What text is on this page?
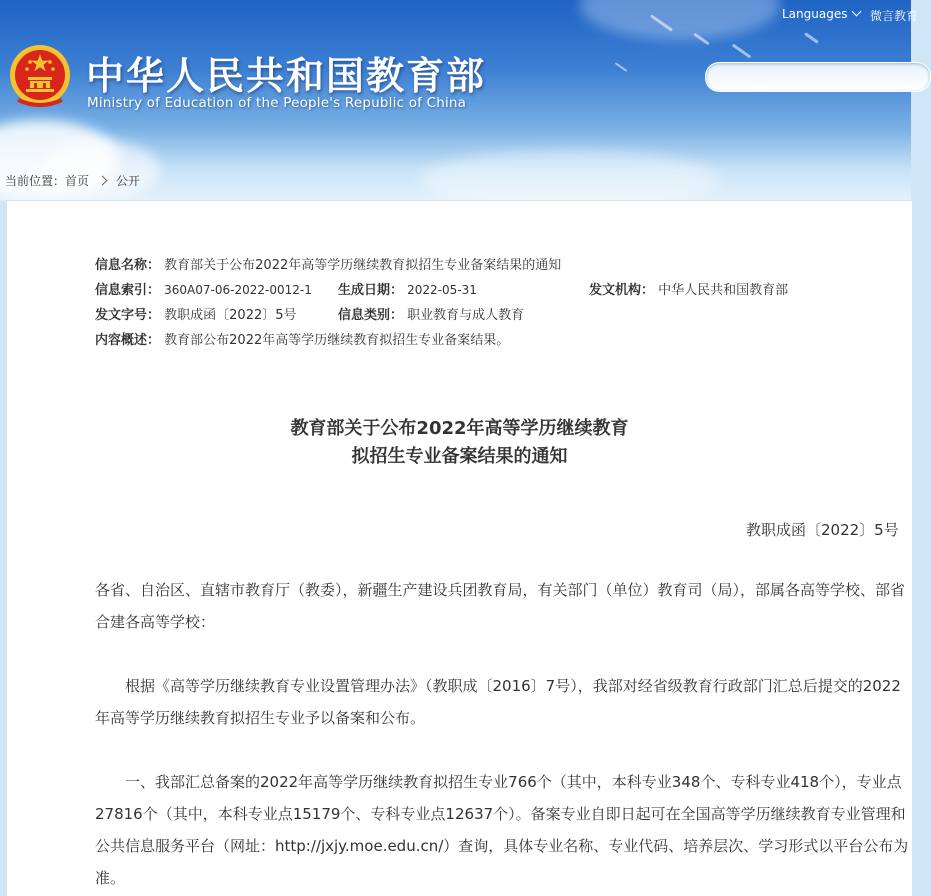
中华人民共和国教育部
Ministry of Education of the People's Republic of China
Languages	微言教育
当前位置：首页 公开
信息名称： 教育部关于公布2022年高等学历继续教育拟招生专业备案结果的通知
信息索引： 360A07-06-2022-0012-1 生成日期： 2022-05-31	发文机构： 中华人民共和国教育部
发文字号： 教职成函〔2022〕5号	信息类别： 职业教育与成人教育
内容概述： 教育部公布2022年高等学历继续教育拟招生专业备案结果。
教育部关于公布2022年高等学历继续教育
拟招生专业备案结果的通知
教职成函〔2022〕5号
各省、自治区、直辖市教育厅（教委），新疆生产建设兵团教育局，有关部门（单位）教育司（局），部属各高等学校、部省合建各高等学校：
根据《高等学历继续教育专业设置管理办法》（教职成〔2016〕7号），我部对经省级教育行政部门汇总后提交的2022年高等学历继续教育拟招生专业予以备案和公布。
一、我部汇总备案的2022年高等学历继续教育拟招生专业766个（其中，本科专业348个、专科专业418个），专业点27816个（其中，本科专业点15179个、专科专业点12637个）。备案专业自即日起可在全国高等学历继续教育专业管理和公共信息服务平台（网址：http://jxjy.moe.edu.cn/）查询，具体专业名称、专业代码、培养层次、学习形式以平台公布为准。
